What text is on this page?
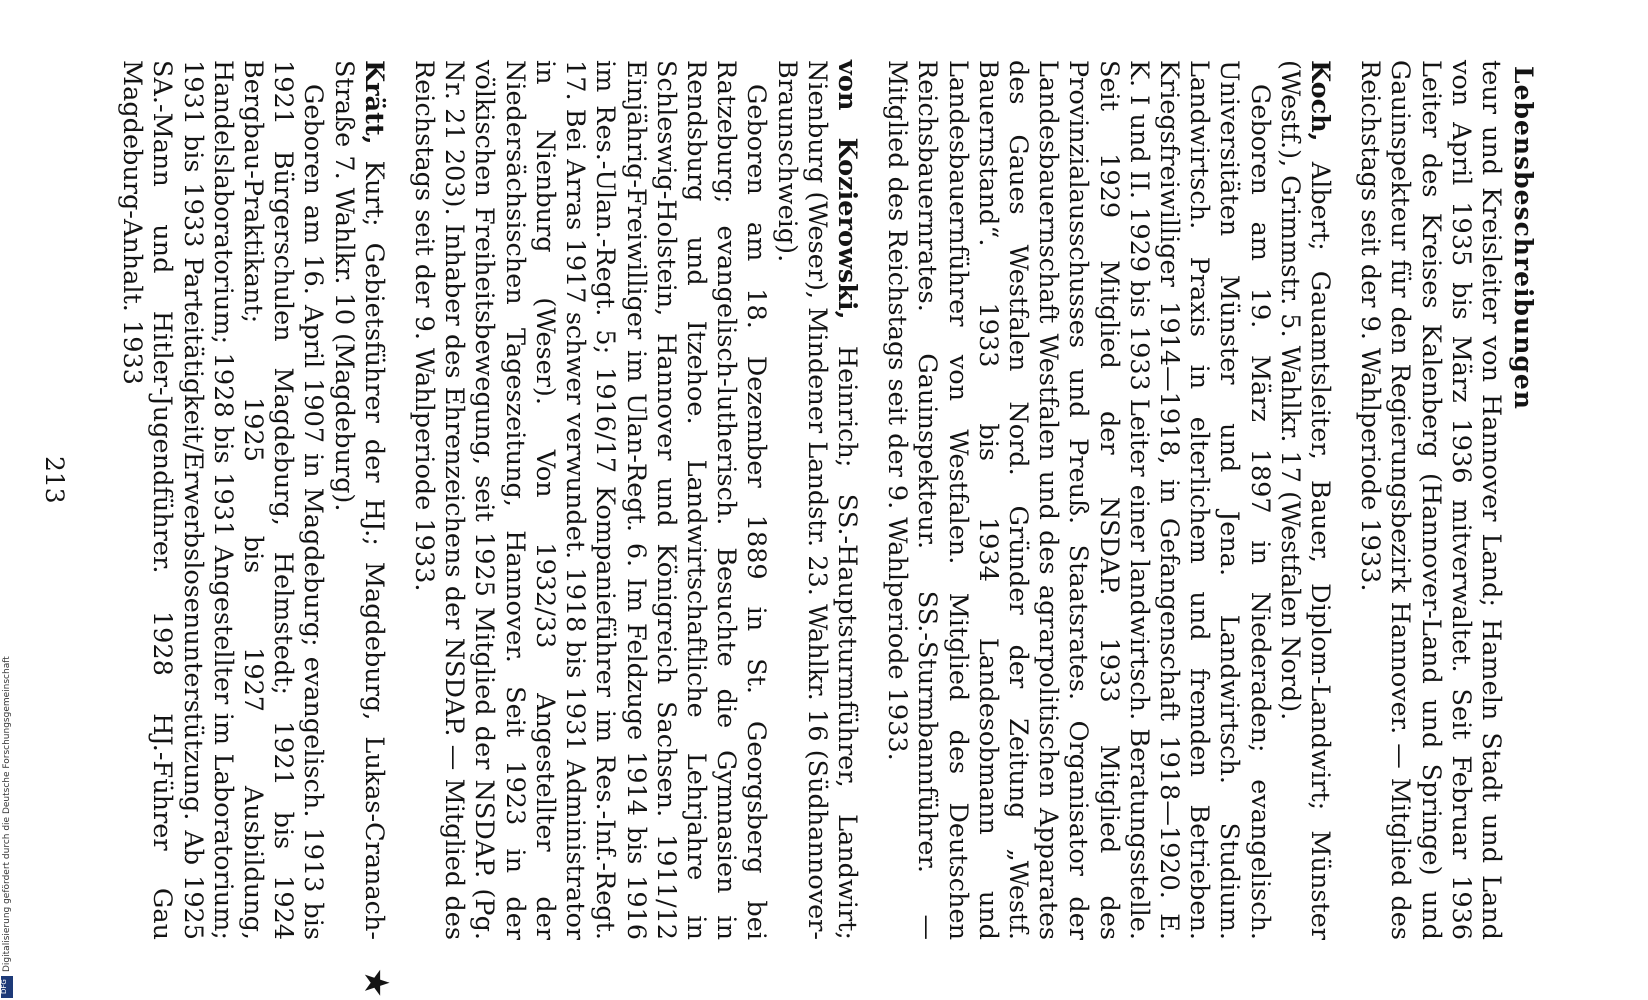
Digitalisierung gefördert durch die Deutsche Forschungsgemeinschaft
DFG
Lebensbeschreibungen

teur und Kreisleiter von Hannover Land; Hameln Stadt und Land von April 1935 bis März 1936 mitverwaltet. Seit Februar 1936 Leiter des Kreises Kalenberg (Hannover-Land und Springe) und Gauinspekteur für den Regierungsbezirk Hannover. — Mitglied des Reichstags seit der 9. Wahlperiode 1933.

Koch, Albert; Gauamtsleiter, Bauer, Diplom-Landwirt; Münster (Westf.), Grimmstr. 5. Wahlkr. 17 (Westfalen Nord).

Geboren am 19. März 1897 in Niederaden; evangelisch. Universitäten Münster und Jena. Landwirtsch. Studium. Landwirtsch. Praxis in elterlichem und fremden Betrieben. Kriegsfreiwilliger 1914—1918, in Gefangenschaft 1918—1920. E. K. I und II. 1929 bis 1933 Leiter einer landwirtsch. Beratungsstelle. Seit 1929 Mitglied der NSDAP. 1933 Mitglied des Provinzialausschusses und Preuß. Staatsrates. Organisator der Landesbauernschaft Westfalen und des agrarpolitischen Apparates des Gaues Westfalen Nord. Gründer der Zeitung „Westf. Bauernstand“. 1933 bis 1934 Landesobmann und Landesbauernführer von Westfalen. Mitglied des Deutschen Reichsbauernrates. Gauinspekteur. SS.-Sturmbannführer. — Mitglied des Reichstags seit der 9. Wahlperiode 1933.

von Kozierowski, Heinrich; SS.-Hauptsturmführer, Landwirt; Nienburg (Weser), Mindener Landstr. 23. Wahlkr. 16 (Südhannover-Braunschweig).

Geboren am 18. Dezember 1889 in St. Georgsberg bei Ratzeburg; evangelisch-lutherisch. Besuchte die Gymnasien in Rendsburg und Itzehoe. Landwirtschaftliche Lehrjahre in Schleswig-Holstein, Hannover und Königreich Sachsen. 1911/12 Einjährig-Freiwilliger im Ulan-Regt. 6. Im Feldzuge 1914 bis 1916 im Res.-Ulan.-Regt. 5; 1916/17 Kompanieführer im Res.-Inf.-Regt. 17. Bei Arras 1917 schwer verwundet. 1918 bis 1931 Administrator in Nienburg (Weser). Von 1932/33 Angestellter der Niedersächsischen Tageszeitung, Hannover. Seit 1923 in der völkischen Freiheitsbewegung, seit 1925 Mitglied der NSDAP. (Pg. Nr. 21 203). Inhaber des Ehrenzeichens der NSDAP. — Mitglied des Reichstags seit der 9. Wahlperiode 1933.

★

Krätt, Kurt; Gebietsführer der HJ.; Magdeburg, Lukas-Cranach-Straße 7. Wahlkr. 10 (Magdeburg).

Geboren am 16. April 1907 in Magdeburg; evangelisch. 1913 bis 1921 Bürgerschulen Magdeburg, Helmstedt; 1921 bis 1924 Bergbau-Praktikant; 1925 bis 1927 Ausbildung, Handelslaboratorium; 1928 bis 1931 Angestellter im Laboratorium; 1931 bis 1933 Parteitätigkeit/Erwerbslosenunterstützung. Ab 1925 SA.-Mann und Hitler-Jugendführer. 1928 HJ.-Führer Gau Magdeburg-Anhalt. 1933

213
